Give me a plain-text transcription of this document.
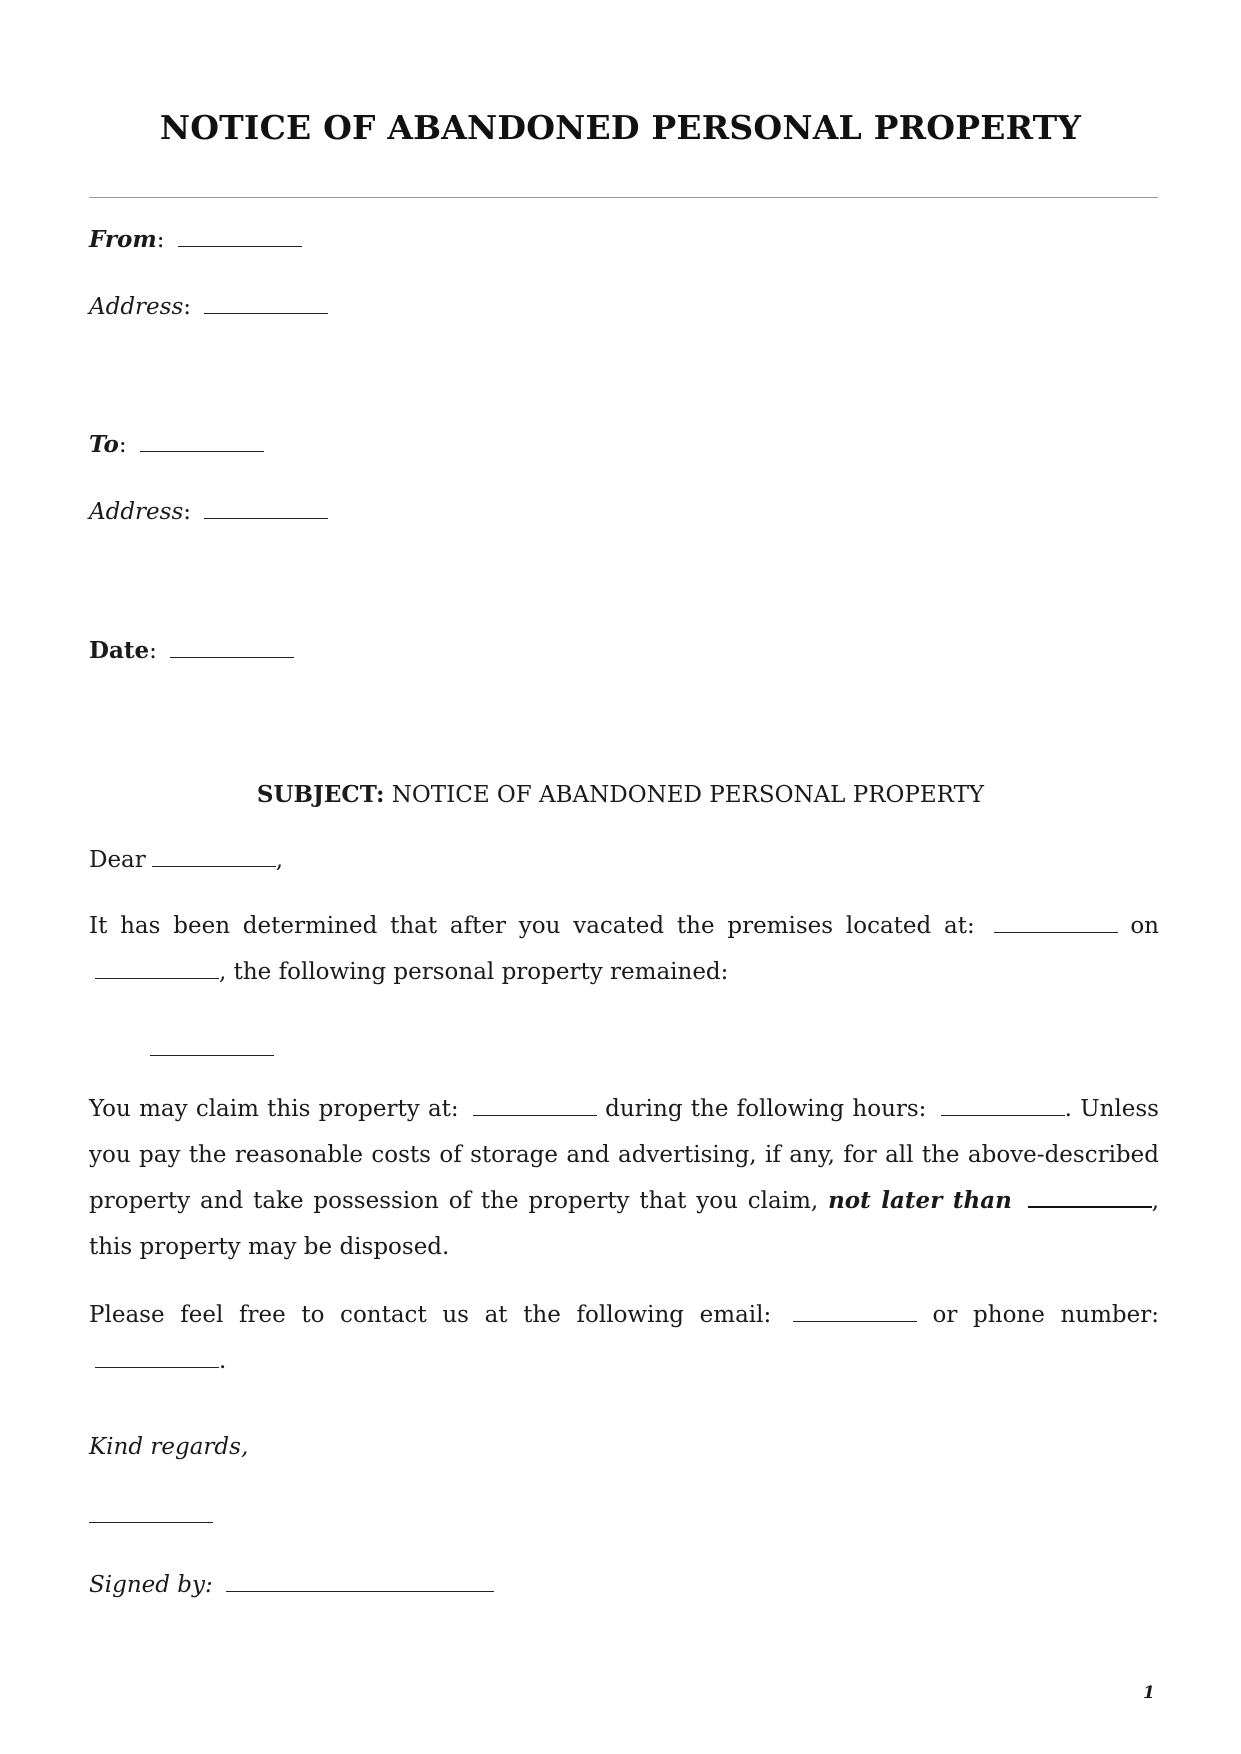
NOTICE OF ABANDONED PERSONAL PROPERTY
From:
Address:
To:
Address:
Date:
SUBJECT: NOTICE OF ABANDONED PERSONAL PROPERTY
Dear	,
It has been determined that after you vacated the premises located at:	on , the following personal property remained:
You may claim this property at:	during the following hours:	. Unless you pay the reasonable costs of storage and advertising, if any, for all the above-described property and take possession of the property that you claim, not later than	, this property may be disposed.
Please feel free to contact us at the following email:	or phone number: .
Kind regards,
Signed by:
1
